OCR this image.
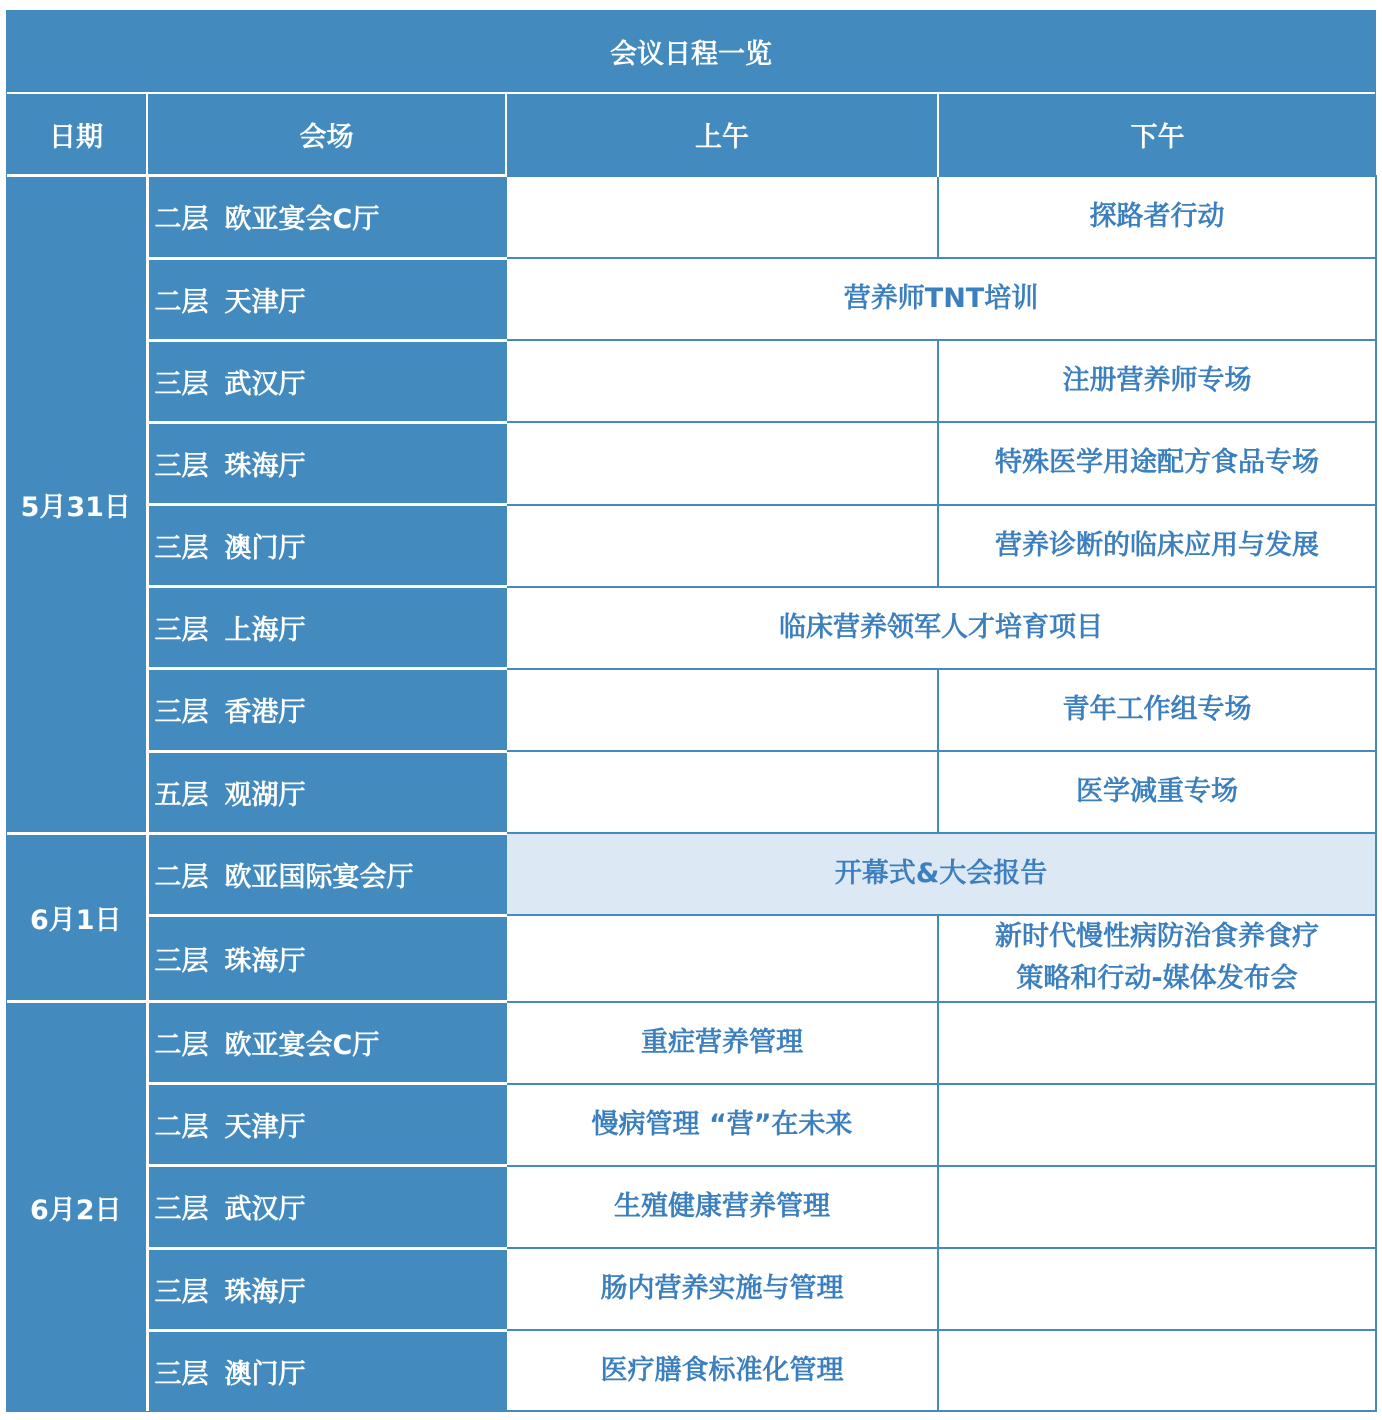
会议日程一览			
日期	会场	上午	下午
5月31日	二层 欧亚宴会C厅		探路者行动
	二层 天津厅	营养师TNT培训	
	三层 武汉厅		注册营养师专场
	三层 珠海厅		特殊医学用途配方食品专场
	三层 澳门厅		营养诊断的临床应用与发展
	三层 上海厅	临床营养领军人才培育项目	
	三层 香港厅		青年工作组专场
	五层 观湖厅		医学减重专场
6月1日	二层 欧亚国际宴会厅	开幕式&大会报告	
	三层 珠海厅		新时代慢性病防治食养食疗
策略和行动-媒体发布会

6月2日	二层 欧亚宴会C厅	重症营养管理	
	二层 天津厅	慢病管理 “营”在未来	
	三层 武汉厅	生殖健康营养管理	
	三层 珠海厅	肠内营养实施与管理	
	三层 澳门厅	医疗膳食标准化管理	
